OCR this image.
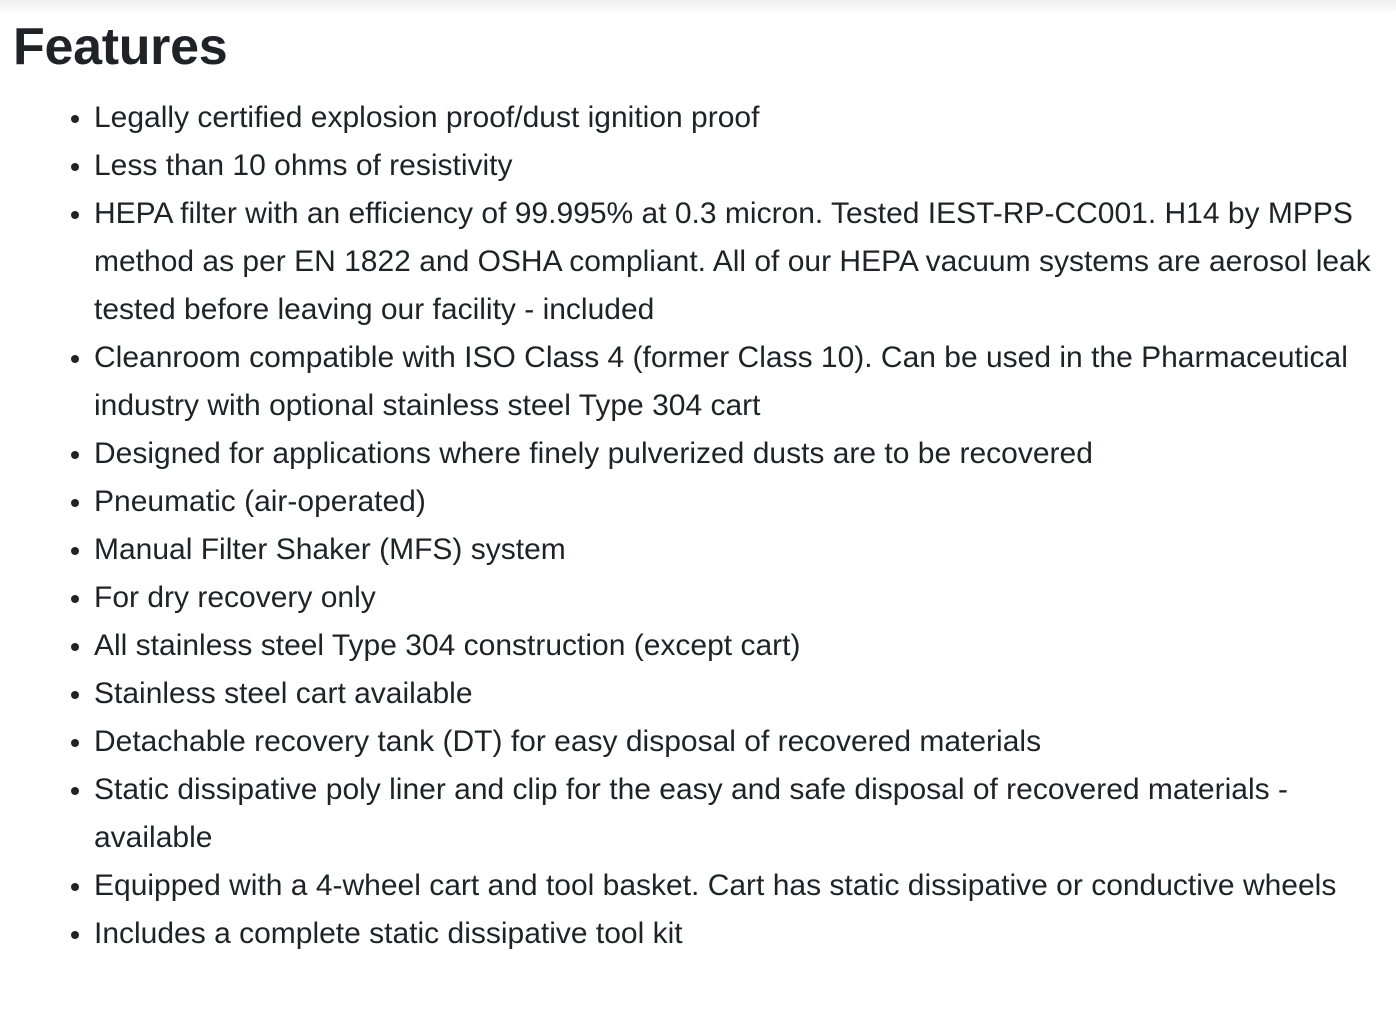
Features
• Legally certified explosion proof/dust ignition proof
• Less than 10 ohms of resistivity
• HEPA filter with an efficiency of 99.995% at 0.3 micron. Tested IEST-RP-CC001. H14 by MPPS method as per EN 1822 and OSHA compliant. All of our HEPA vacuum systems are aerosol leak tested before leaving our facility - included
• Cleanroom compatible with ISO Class 4 (former Class 10). Can be used in the Pharmaceutical industry with optional stainless steel Type 304 cart
• Designed for applications where finely pulverized dusts are to be recovered
• Pneumatic (air-operated)
• Manual Filter Shaker (MFS) system
• For dry recovery only
• All stainless steel Type 304 construction (except cart)
• Stainless steel cart available
• Detachable recovery tank (DT) for easy disposal of recovered materials
• Static dissipative poly liner and clip for the easy and safe disposal of recovered materials - available
• Equipped with a 4-wheel cart and tool basket. Cart has static dissipative or conductive wheels
• Includes a complete static dissipative tool kit
